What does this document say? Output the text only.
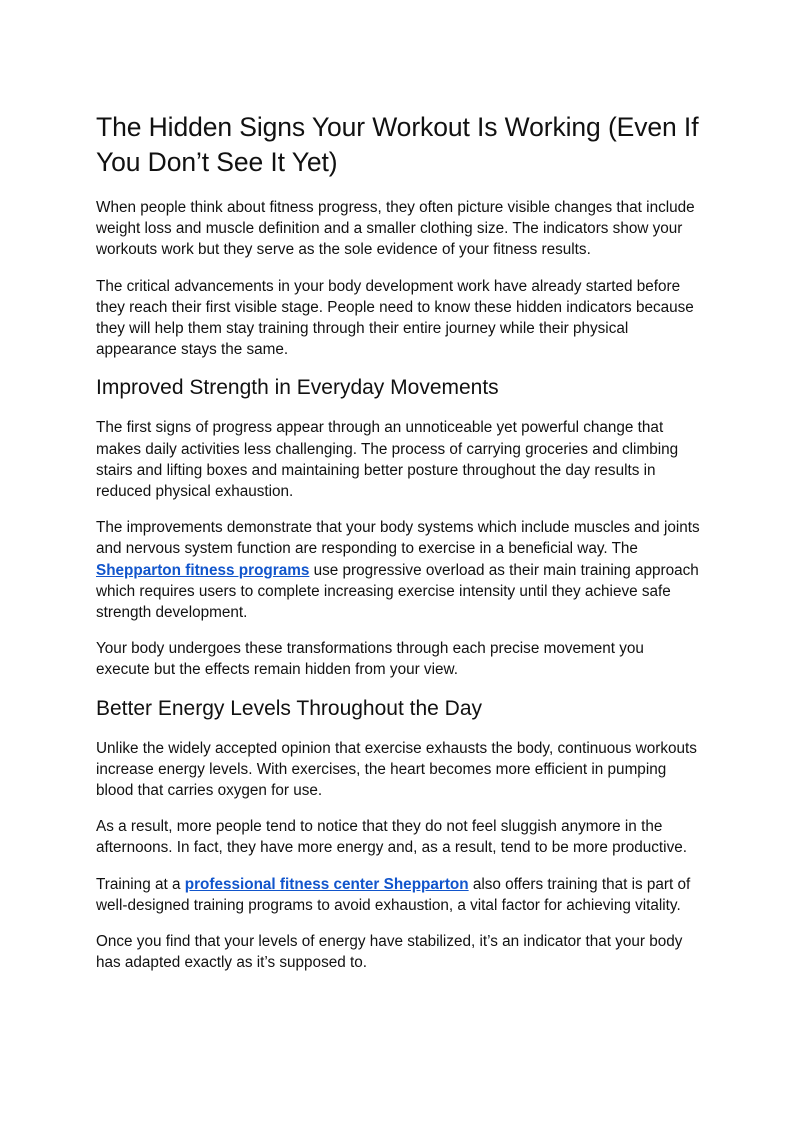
The Hidden Signs Your Workout Is Working (Even If You Don’t See It Yet)

When people think about fitness progress, they often picture visible changes that include weight loss and muscle definition and a smaller clothing size. The indicators show your workouts work but they serve as the sole evidence of your fitness results.

The critical advancements in your body development work have already started before they reach their first visible stage. People need to know these hidden indicators because they will help them stay training through their entire journey while their physical appearance stays the same.

Improved Strength in Everyday Movements

The first signs of progress appear through an unnoticeable yet powerful change that makes daily activities less challenging. The process of carrying groceries and climbing stairs and lifting boxes and maintaining better posture throughout the day results in reduced physical exhaustion.

The improvements demonstrate that your body systems which include muscles and joints and nervous system function are responding to exercise in a beneficial way. The Shepparton fitness programs use progressive overload as their main training approach which requires users to complete increasing exercise intensity until they achieve safe strength development.

Your body undergoes these transformations through each precise movement you execute but the effects remain hidden from your view.

Better Energy Levels Throughout the Day

Unlike the widely accepted opinion that exercise exhausts the body, continuous workouts increase energy levels. With exercises, the heart becomes more efficient in pumping blood that carries oxygen for use.

As a result, more people tend to notice that they do not feel sluggish anymore in the afternoons. In fact, they have more energy and, as a result, tend to be more productive.

Training at a professional fitness center Shepparton also offers training that is part of well-designed training programs to avoid exhaustion, a vital factor for achieving vitality.

Once you find that your levels of energy have stabilized, it’s an indicator that your body has adapted exactly as it’s supposed to.
